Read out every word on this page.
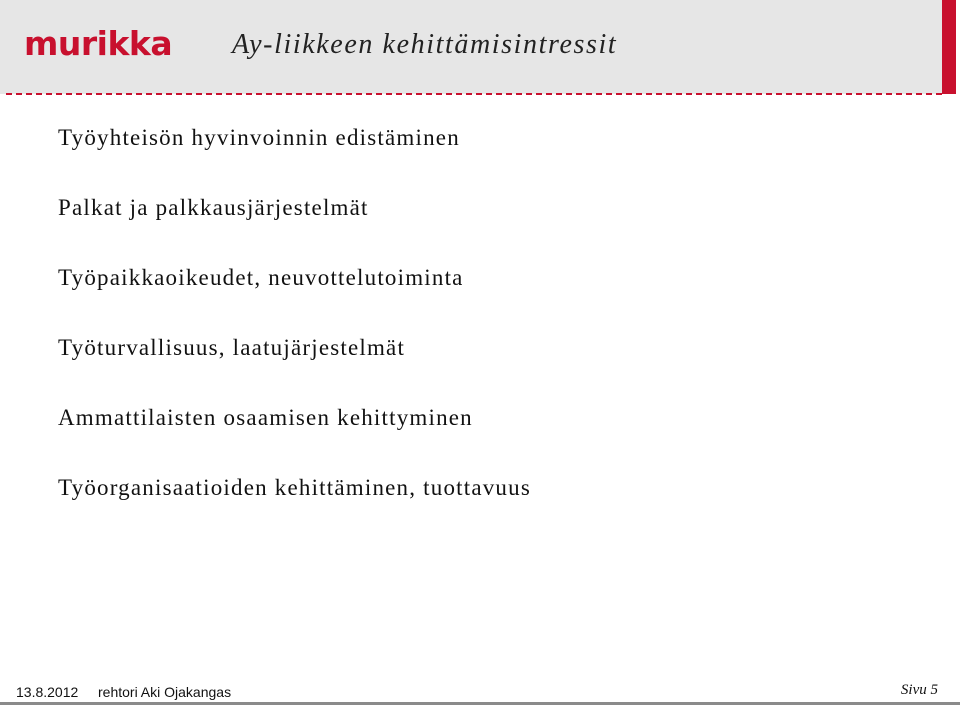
murikka Ay-liikkeen kehittämisintressit
Työyhteisön hyvinvoinnin edistäminen
Palkat ja palkkausjärjestelmät
Työpaikkaoikeudet, neuvottelutoiminta
Työturvallisuus, laatujärjestelmät
Ammattilaisten osaamisen kehittyminen
Työorganisaatioiden kehittäminen, tuottavuus
13.8.2012 rehtori Aki Ojakangas	Sivu 5
